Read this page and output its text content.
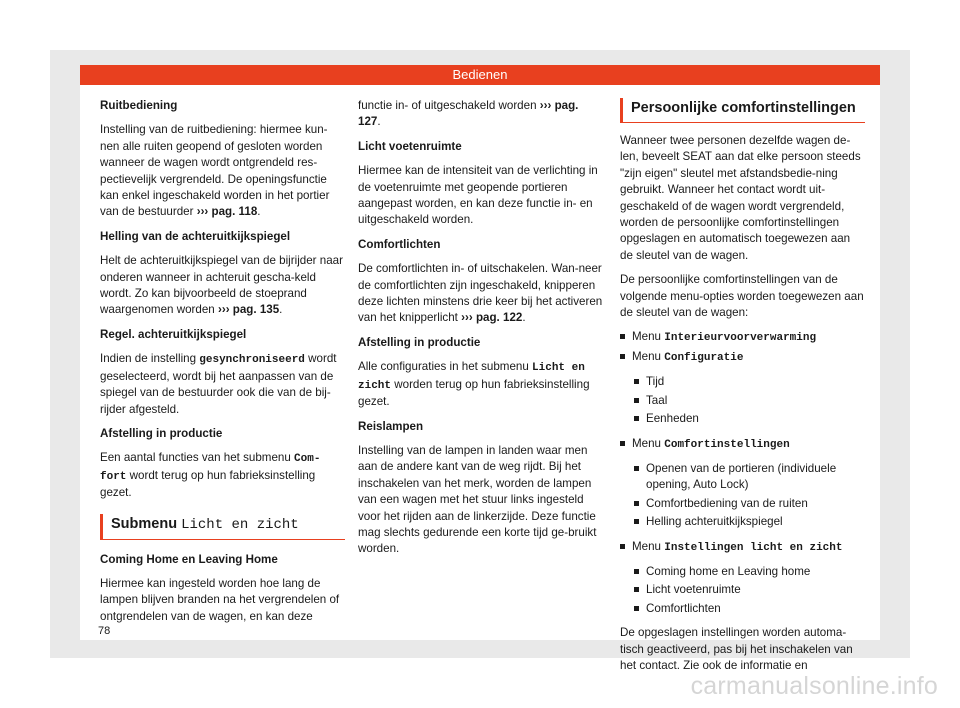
Bedienen

Ruitbediening

Instelling van de ruitbediening: hiermee kun-nen alle ruiten geopend of gesloten worden wanneer de wagen wordt ontgrendeld res-pectievelijk vergrendeld. De openingsfunctie kan enkel ingeschakeld worden in het portier van de bestuurder ››› pag. 118.

Helling van de achteruitkijkspiegel

Helt de achteruitkijkspiegel van de bijrijder naar onderen wanneer in achteruit gescha-keld wordt. Zo kan bijvoorbeeld de stoeprand waargenomen worden ››› pag. 135.

Regel. achteruitkijkspiegel

Indien de instelling gesynchroniseerd wordt geselecteerd, wordt bij het aanpassen van de spiegel van de bestuurder ook die van de bij-rijder afgesteld.

Afstelling in productie

Een aantal functies van het submenu Com-fort wordt terug op hun fabrieksinstelling gezet.

Submenu Licht en zicht

Coming Home en Leaving Home

Hiermee kan ingesteld worden hoe lang de lampen blijven branden na het vergrendelen of ontgrendelen van de wagen, en kan deze

functie in- of uitgeschakeld worden ››› pag. 127.

Licht voetenruimte

Hiermee kan de intensiteit van de verlichting in de voetenruimte met geopende portieren aangepast worden, en kan deze functie in- en uitgeschakeld worden.

Comfortlichten

De comfortlichten in- of uitschakelen. Wan-neer de comfortlichten zijn ingeschakeld, knipperen deze lichten minstens drie keer bij het activeren van het knipperlicht ››› pag. 122.

Afstelling in productie

Alle configuraties in het submenu Licht en zicht worden terug op hun fabrieksinstelling gezet.

Reislampen

Instelling van de lampen in landen waar men aan de andere kant van de weg rijdt. Bij het inschakelen van het merk, worden de lampen van een wagen met het stuur links ingesteld voor het rijden aan de linkerzijde. Deze functie mag slechts gedurende een korte tijd ge-bruikt worden.

Persoonlijke comfortinstellingen

Wanneer twee personen dezelfde wagen de-len, beveelt SEAT aan dat elke persoon steeds "zijn eigen" sleutel met afstandsbedie-ning gebruikt. Wanneer het contact wordt uit-geschakeld of de wagen wordt vergrendeld, worden de persoonlijke comfortinstellingen opgeslagen en automatisch toegewezen aan de sleutel van de wagen.

De persoonlijke comfortinstellingen van de volgende menu-opties worden toegewezen aan de sleutel van de wagen:

Menu Interieurvoorverwarming
Menu Configuratie
Tijd
Taal
Eenheden
Menu Comfortinstellingen
Openen van de portieren (individuele opening, Auto Lock)
Comfortbediening van de ruiten
Helling achteruitkijkspiegel
Menu Instellingen licht en zicht
Coming home en Leaving home
Licht voetenruimte
Comfortlichten

De opgeslagen instellingen worden automa-tisch geactiveerd, pas bij het inschakelen van het contact. Zie ook de informatie en

78
carmanualsonline.info
